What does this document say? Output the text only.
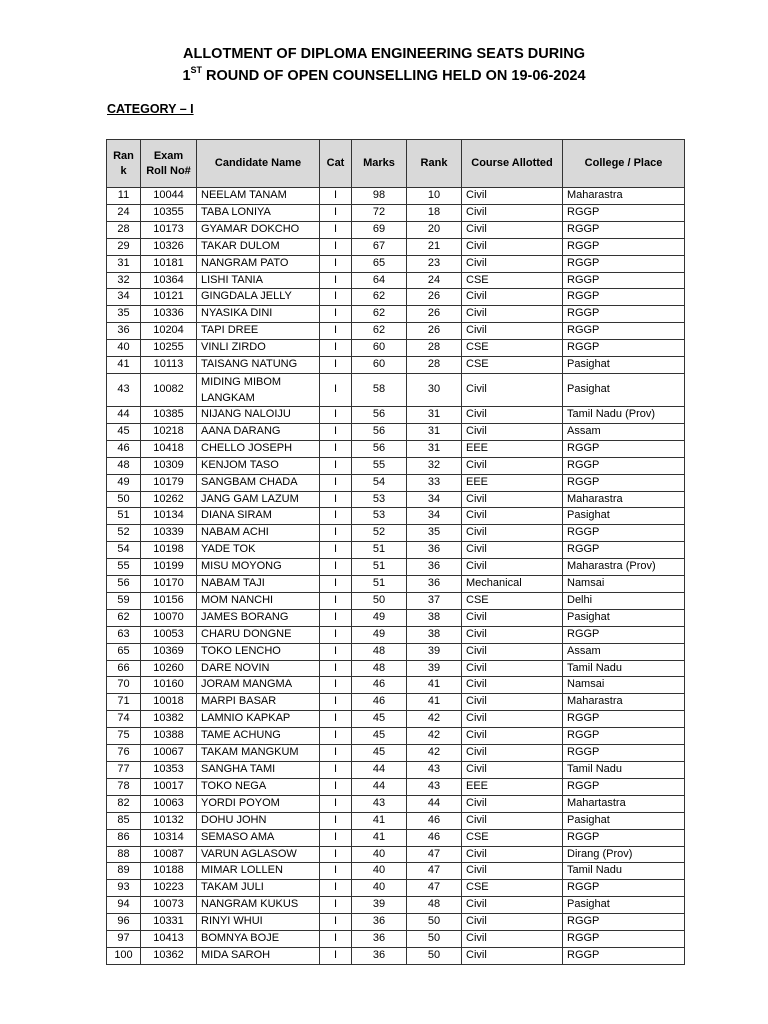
ALLOTMENT OF DIPLOMA ENGINEERING SEATS DURING
1ST ROUND OF OPEN COUNSELLING HELD ON 19-06-2024
CATEGORY – I
Ran k	Exam Roll No#	Candidate Name	Cat	Marks	Rank	Course Allotted	College / Place
11	10044	NEELAM TANAM	I	98	10	Civil	Maharastra
24	10355	TABA LONIYA	I	72	18	Civil	RGGP
28	10173	GYAMAR DOKCHO	I	69	20	Civil	RGGP
29	10326	TAKAR DULOM	I	67	21	Civil	RGGP
31	10181	NANGRAM PATO	I	65	23	Civil	RGGP
32	10364	LISHI TANIA	I	64	24	CSE	RGGP
34	10121	GINGDALA JELLY	I	62	26	Civil	RGGP
35	10336	NYASIKA DINI	I	62	26	Civil	RGGP
36	10204	TAPI DREE	I	62	26	Civil	RGGP
40	10255	VINLI ZIRDO	I	60	28	CSE	RGGP
41	10113	TAISANG NATUNG	I	60	28	CSE	Pasighat
43	10082	MIDING MIBOM LANGKAM	I	58	30	Civil	Pasighat
44	10385	NIJANG NALOIJU	I	56	31	Civil	Tamil Nadu (Prov)
45	10218	AANA DARANG	I	56	31	Civil	Assam
46	10418	CHELLO JOSEPH	I	56	31	EEE	RGGP
48	10309	KENJOM TASO	I	55	32	Civil	RGGP
49	10179	SANGBAM CHADA	I	54	33	EEE	RGGP
50	10262	JANG GAM LAZUM	I	53	34	Civil	Maharastra
51	10134	DIANA SIRAM	I	53	34	Civil	Pasighat
52	10339	NABAM ACHI	I	52	35	Civil	RGGP
54	10198	YADE TOK	I	51	36	Civil	RGGP
55	10199	MISU MOYONG	I	51	36	Civil	Maharastra (Prov)
56	10170	NABAM TAJI	I	51	36	Mechanical	Namsai
59	10156	MOM NANCHI	I	50	37	CSE	Delhi
62	10070	JAMES BORANG	I	49	38	Civil	Pasighat
63	10053	CHARU DONGNE	I	49	38	Civil	RGGP
65	10369	TOKO LENCHO	I	48	39	Civil	Assam
66	10260	DARE NOVIN	I	48	39	Civil	Tamil Nadu
70	10160	JORAM MANGMA	I	46	41	Civil	Namsai
71	10018	MARPI BASAR	I	46	41	Civil	Maharastra
74	10382	LAMNIO KAPKAP	I	45	42	Civil	RGGP
75	10388	TAME ACHUNG	I	45	42	Civil	RGGP
76	10067	TAKAM MANGKUM	I	45	42	Civil	RGGP
77	10353	SANGHA TAMI	I	44	43	Civil	Tamil Nadu
78	10017	TOKO NEGA	I	44	43	EEE	RGGP
82	10063	YORDI POYOM	I	43	44	Civil	Mahartastra
85	10132	DOHU JOHN	I	41	46	Civil	Pasighat
86	10314	SEMASO AMA	I	41	46	CSE	RGGP
88	10087	VARUN AGLASOW	I	40	47	Civil	Dirang (Prov)
89	10188	MIMAR LOLLEN	I	40	47	Civil	Tamil Nadu
93	10223	TAKAM JULI	I	40	47	CSE	RGGP
94	10073	NANGRAM KUKUS	I	39	48	Civil	Pasighat
96	10331	RINYI WHUI	I	36	50	Civil	RGGP
97	10413	BOMNYA BOJE	I	36	50	Civil	RGGP
100	10362	MIDA SAROH	I	36	50	Civil	RGGP
